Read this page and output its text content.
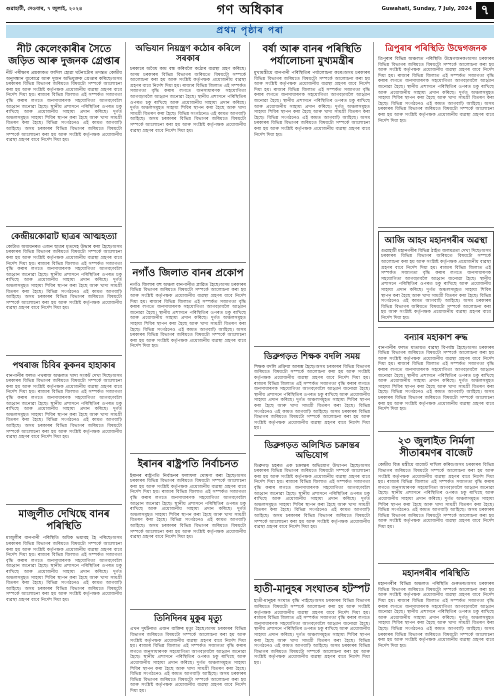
গুৱাহাটী, দেওবাৰ, ৭ জুলাই, ২০২৪	গণ অধিকাৰ	Guwahati, Sunday, 7 July, 2024 ৭
প্ৰথম পৃষ্ঠাৰ পৰা
নীট কেলেংকাৰীৰ সৈতে জড়িত আৰু দুজনক গ্ৰেপ্তাৰ
নীট পৰীক্ষাৰ প্ৰশ্নকাকত ফাদিল হোৱা ঘটনাটোৰ তদন্তত কেন্দ্ৰীয় অনুসন্ধান ব্যুৰোৱে আৰু দুজন অভিযুক্তক গ্ৰেপ্তাৰ কৰিছে। অসম চৰকাৰৰ বিভিন্ন বিভাগৰ জৰিয়তে বিষয়টো সম্পৰ্কে আলোচনা কৰা হয় আৰু সংশ্লিষ্ট কৰ্তৃপক্ষক প্ৰয়োজনীয় ব্যৱস্থা গ্ৰহণৰ বাবে নিৰ্দেশ দিয়া হয়। ৰাজ্যৰ বিভিন্ন জিলাত এই সম্পৰ্কত সজাগতা বৃদ্ধি কৰাৰ লগতে জনসাধাৰণক সহযোগিতা আগবঢ়াবলৈ আহ্বান জনোৱা হৈছে। স্থানীয় প্ৰশাসনে পৰিস্থিতিৰ ওপৰত চকু ৰাখিছে আৰু প্ৰয়োজনীয় সাহায্য প্ৰদান কৰিছে। দুৰ্গত অঞ্চলসমূহত সাহায্য শিবিৰ স্থাপন কৰা হৈছে আৰু খাদ্য সামগ্ৰী বিতৰণ কৰা হৈছে। বিভিন্ন সংগঠনেও এই কামত আগবাঢ়ি আহিছে। অসম চৰকাৰৰ বিভিন্ন বিভাগৰ জৰিয়তে বিষয়টো সম্পৰ্কে আলোচনা কৰা হয় আৰু সংশ্লিষ্ট কৰ্তৃপক্ষক প্ৰয়োজনীয় ব্যৱস্থা গ্ৰহণৰ বাবে নিৰ্দেশ দিয়া হয়।
কেন্দ্ৰীয়কোৱাট ছাত্ৰৰ আত্মহত্যা
কোটাত অধ্যয়নৰত এজন ছাত্ৰৰ মৃতদেহ উদ্ধাৰ কৰা হৈছে। অসম চৰকাৰৰ বিভিন্ন বিভাগৰ জৰিয়তে বিষয়টো সম্পৰ্কে আলোচনা কৰা হয় আৰু সংশ্লিষ্ট কৰ্তৃপক্ষক প্ৰয়োজনীয় ব্যৱস্থা গ্ৰহণৰ বাবে নিৰ্দেশ দিয়া হয়। ৰাজ্যৰ বিভিন্ন জিলাত এই সম্পৰ্কত সজাগতা বৃদ্ধি কৰাৰ লগতে জনসাধাৰণক সহযোগিতা আগবঢ়াবলৈ আহ্বান জনোৱা হৈছে। স্থানীয় প্ৰশাসনে পৰিস্থিতিৰ ওপৰত চকু ৰাখিছে আৰু প্ৰয়োজনীয় সাহায্য প্ৰদান কৰিছে। দুৰ্গত অঞ্চলসমূহত সাহায্য শিবিৰ স্থাপন কৰা হৈছে আৰু খাদ্য সামগ্ৰী বিতৰণ কৰা হৈছে। বিভিন্ন সংগঠনেও এই কামত আগবাঢ়ি আহিছে। অসম চৰকাৰৰ বিভিন্ন বিভাগৰ জৰিয়তে বিষয়টো সম্পৰ্কে আলোচনা কৰা হয় আৰু সংশ্লিষ্ট কৰ্তৃপক্ষক প্ৰয়োজনীয় ব্যৱস্থা গ্ৰহণৰ বাবে নিৰ্দেশ দিয়া হয়।
পথৰাজ চিবিৰ কুকনৰ হাহাকাৰ
বানপানীৰ ফলত পথৰাজ অঞ্চলত খাদ্য সংকট দেখা দিছে। অসম চৰকাৰৰ বিভিন্ন বিভাগৰ জৰিয়তে বিষয়টো সম্পৰ্কে আলোচনা কৰা হয় আৰু সংশ্লিষ্ট কৰ্তৃপক্ষক প্ৰয়োজনীয় ব্যৱস্থা গ্ৰহণৰ বাবে নিৰ্দেশ দিয়া হয়। ৰাজ্যৰ বিভিন্ন জিলাত এই সম্পৰ্কত সজাগতা বৃদ্ধি কৰাৰ লগতে জনসাধাৰণক সহযোগিতা আগবঢ়াবলৈ আহ্বান জনোৱা হৈছে। স্থানীয় প্ৰশাসনে পৰিস্থিতিৰ ওপৰত চকু ৰাখিছে আৰু প্ৰয়োজনীয় সাহায্য প্ৰদান কৰিছে। দুৰ্গত অঞ্চলসমূহত সাহায্য শিবিৰ স্থাপন কৰা হৈছে আৰু খাদ্য সামগ্ৰী বিতৰণ কৰা হৈছে। বিভিন্ন সংগঠনেও এই কামত আগবাঢ়ি আহিছে। অসম চৰকাৰৰ বিভিন্ন বিভাগৰ জৰিয়তে বিষয়টো সম্পৰ্কে আলোচনা কৰা হয় আৰু সংশ্লিষ্ট কৰ্তৃপক্ষক প্ৰয়োজনীয় ব্যৱস্থা গ্ৰহণৰ বাবে নিৰ্দেশ দিয়া হয়।
মাজুলীত দেখিছে বানৰ পৰিস্থিতি
মাজুলীৰ বানপানী পৰিস্থিতি অধিক ভয়াবহ হৈ পৰিছে। অসম চৰকাৰৰ বিভিন্ন বিভাগৰ জৰিয়তে বিষয়টো সম্পৰ্কে আলোচনা কৰা হয় আৰু সংশ্লিষ্ট কৰ্তৃপক্ষক প্ৰয়োজনীয় ব্যৱস্থা গ্ৰহণৰ বাবে নিৰ্দেশ দিয়া হয়। ৰাজ্যৰ বিভিন্ন জিলাত এই সম্পৰ্কত সজাগতা বৃদ্ধি কৰাৰ লগতে জনসাধাৰণক সহযোগিতা আগবঢ়াবলৈ আহ্বান জনোৱা হৈছে। স্থানীয় প্ৰশাসনে পৰিস্থিতিৰ ওপৰত চকু ৰাখিছে আৰু প্ৰয়োজনীয় সাহায্য প্ৰদান কৰিছে। দুৰ্গত অঞ্চলসমূহত সাহায্য শিবিৰ স্থাপন কৰা হৈছে আৰু খাদ্য সামগ্ৰী বিতৰণ কৰা হৈছে। বিভিন্ন সংগঠনেও এই কামত আগবাঢ়ি আহিছে। অসম চৰকাৰৰ বিভিন্ন বিভাগৰ জৰিয়তে বিষয়টো সম্পৰ্কে আলোচনা কৰা হয় আৰু সংশ্লিষ্ট কৰ্তৃপক্ষক প্ৰয়োজনীয় ব্যৱস্থা গ্ৰহণৰ বাবে নিৰ্দেশ দিয়া হয়।
অভিযান নিয়ন্ত্ৰণ কঠোৰ কৰিলে সৰকাৰ
চৰকাৰে অবৈধ কাম বন্ধ কৰিবলৈ কঠোৰ ব্যৱস্থা গ্ৰহণ কৰিছে। অসম চৰকাৰৰ বিভিন্ন বিভাগৰ জৰিয়তে বিষয়টো সম্পৰ্কে আলোচনা কৰা হয় আৰু সংশ্লিষ্ট কৰ্তৃপক্ষক প্ৰয়োজনীয় ব্যৱস্থা গ্ৰহণৰ বাবে নিৰ্দেশ দিয়া হয়। ৰাজ্যৰ বিভিন্ন জিলাত এই সম্পৰ্কত সজাগতা বৃদ্ধি কৰাৰ লগতে জনসাধাৰণক সহযোগিতা আগবঢ়াবলৈ আহ্বান জনোৱা হৈছে। স্থানীয় প্ৰশাসনে পৰিস্থিতিৰ ওপৰত চকু ৰাখিছে আৰু প্ৰয়োজনীয় সাহায্য প্ৰদান কৰিছে। দুৰ্গত অঞ্চলসমূহত সাহায্য শিবিৰ স্থাপন কৰা হৈছে আৰু খাদ্য সামগ্ৰী বিতৰণ কৰা হৈছে। বিভিন্ন সংগঠনেও এই কামত আগবাঢ়ি আহিছে। অসম চৰকাৰৰ বিভিন্ন বিভাগৰ জৰিয়তে বিষয়টো সম্পৰ্কে আলোচনা কৰা হয় আৰু সংশ্লিষ্ট কৰ্তৃপক্ষক প্ৰয়োজনীয় ব্যৱস্থা গ্ৰহণৰ বাবে নিৰ্দেশ দিয়া হয়।
নগাঁও জিলাত বানৰ প্ৰকোপ
নগাঁও জিলাৰ বহু অঞ্চল বানপানীত প্লাৱিত হৈছে। অসম চৰকাৰৰ বিভিন্ন বিভাগৰ জৰিয়তে বিষয়টো সম্পৰ্কে আলোচনা কৰা হয় আৰু সংশ্লিষ্ট কৰ্তৃপক্ষক প্ৰয়োজনীয় ব্যৱস্থা গ্ৰহণৰ বাবে নিৰ্দেশ দিয়া হয়। ৰাজ্যৰ বিভিন্ন জিলাত এই সম্পৰ্কত সজাগতা বৃদ্ধি কৰাৰ লগতে জনসাধাৰণক সহযোগিতা আগবঢ়াবলৈ আহ্বান জনোৱা হৈছে। স্থানীয় প্ৰশাসনে পৰিস্থিতিৰ ওপৰত চকু ৰাখিছে আৰু প্ৰয়োজনীয় সাহায্য প্ৰদান কৰিছে। দুৰ্গত অঞ্চলসমূহত সাহায্য শিবিৰ স্থাপন কৰা হৈছে আৰু খাদ্য সামগ্ৰী বিতৰণ কৰা হৈছে। বিভিন্ন সংগঠনেও এই কামত আগবাঢ়ি আহিছে। অসম চৰকাৰৰ বিভিন্ন বিভাগৰ জৰিয়তে বিষয়টো সম্পৰ্কে আলোচনা কৰা হয় আৰু সংশ্লিষ্ট কৰ্তৃপক্ষক প্ৰয়োজনীয় ব্যৱস্থা গ্ৰহণৰ বাবে নিৰ্দেশ দিয়া হয়।
ইৰানৰ ৰাষ্ট্ৰপতি নিৰ্বাচনত
ইৰানৰ ৰাষ্ট্ৰপতি নিৰ্বাচনৰ ফলাফল ঘোষণা কৰা হৈছে। অসম চৰকাৰৰ বিভিন্ন বিভাগৰ জৰিয়তে বিষয়টো সম্পৰ্কে আলোচনা কৰা হয় আৰু সংশ্লিষ্ট কৰ্তৃপক্ষক প্ৰয়োজনীয় ব্যৱস্থা গ্ৰহণৰ বাবে নিৰ্দেশ দিয়া হয়। ৰাজ্যৰ বিভিন্ন জিলাত এই সম্পৰ্কত সজাগতা বৃদ্ধি কৰাৰ লগতে জনসাধাৰণক সহযোগিতা আগবঢ়াবলৈ আহ্বান জনোৱা হৈছে। স্থানীয় প্ৰশাসনে পৰিস্থিতিৰ ওপৰত চকু ৰাখিছে আৰু প্ৰয়োজনীয় সাহায্য প্ৰদান কৰিছে। দুৰ্গত অঞ্চলসমূহত সাহায্য শিবিৰ স্থাপন কৰা হৈছে আৰু খাদ্য সামগ্ৰী বিতৰণ কৰা হৈছে। বিভিন্ন সংগঠনেও এই কামত আগবাঢ়ি আহিছে। অসম চৰকাৰৰ বিভিন্ন বিভাগৰ জৰিয়তে বিষয়টো সম্পৰ্কে আলোচনা কৰা হয় আৰু সংশ্লিষ্ট কৰ্তৃপক্ষক প্ৰয়োজনীয় ব্যৱস্থা গ্ৰহণৰ বাবে নিৰ্দেশ দিয়া হয়।
তিনিদিনৰ মুকুৰ মৃত্যু
এখন দুৰ্ঘটনাত এজন ব্যক্তিৰ মৃত্যু হৈছে। অসম চৰকাৰৰ বিভিন্ন বিভাগৰ জৰিয়তে বিষয়টো সম্পৰ্কে আলোচনা কৰা হয় আৰু সংশ্লিষ্ট কৰ্তৃপক্ষক প্ৰয়োজনীয় ব্যৱস্থা গ্ৰহণৰ বাবে নিৰ্দেশ দিয়া হয়। ৰাজ্যৰ বিভিন্ন জিলাত এই সম্পৰ্কত সজাগতা বৃদ্ধি কৰাৰ লগতে জনসাধাৰণক সহযোগিতা আগবঢ়াবলৈ আহ্বান জনোৱা হৈছে। স্থানীয় প্ৰশাসনে পৰিস্থিতিৰ ওপৰত চকু ৰাখিছে আৰু প্ৰয়োজনীয় সাহায্য প্ৰদান কৰিছে। দুৰ্গত অঞ্চলসমূহত সাহায্য শিবিৰ স্থাপন কৰা হৈছে আৰু খাদ্য সামগ্ৰী বিতৰণ কৰা হৈছে। বিভিন্ন সংগঠনেও এই কামত আগবাঢ়ি আহিছে। অসম চৰকাৰৰ বিভিন্ন বিভাগৰ জৰিয়তে বিষয়টো সম্পৰ্কে আলোচনা কৰা হয় আৰু সংশ্লিষ্ট কৰ্তৃপক্ষক প্ৰয়োজনীয় ব্যৱস্থা গ্ৰহণৰ বাবে নিৰ্দেশ দিয়া হয়।
বৰ্ষা আৰু বানৰ পৰিস্থিতি পৰ্যালোচনা মুখ্যমন্ত্ৰীৰ
মুখ্যমন্ত্ৰীয়ে বানপানী পৰিস্থিতিৰ পৰ্যালোচনা কৰে। অসম চৰকাৰৰ বিভিন্ন বিভাগৰ জৰিয়তে বিষয়টো সম্পৰ্কে আলোচনা কৰা হয় আৰু সংশ্লিষ্ট কৰ্তৃপক্ষক প্ৰয়োজনীয় ব্যৱস্থা গ্ৰহণৰ বাবে নিৰ্দেশ দিয়া হয়। ৰাজ্যৰ বিভিন্ন জিলাত এই সম্পৰ্কত সজাগতা বৃদ্ধি কৰাৰ লগতে জনসাধাৰণক সহযোগিতা আগবঢ়াবলৈ আহ্বান জনোৱা হৈছে। স্থানীয় প্ৰশাসনে পৰিস্থিতিৰ ওপৰত চকু ৰাখিছে আৰু প্ৰয়োজনীয় সাহায্য প্ৰদান কৰিছে। দুৰ্গত অঞ্চলসমূহত সাহায্য শিবিৰ স্থাপন কৰা হৈছে আৰু খাদ্য সামগ্ৰী বিতৰণ কৰা হৈছে। বিভিন্ন সংগঠনেও এই কামত আগবাঢ়ি আহিছে। অসম চৰকাৰৰ বিভিন্ন বিভাগৰ জৰিয়তে বিষয়টো সম্পৰ্কে আলোচনা কৰা হয় আৰু সংশ্লিষ্ট কৰ্তৃপক্ষক প্ৰয়োজনীয় ব্যৱস্থা গ্ৰহণৰ বাবে নিৰ্দেশ দিয়া হয়।
ডিব্ৰুগড়ত শিক্ষক বদলি সময়
শিক্ষক বদলি প্ৰক্ৰিয়া আৰম্ভ হৈছে। অসম চৰকাৰৰ বিভিন্ন বিভাগৰ জৰিয়তে বিষয়টো সম্পৰ্কে আলোচনা কৰা হয় আৰু সংশ্লিষ্ট কৰ্তৃপক্ষক প্ৰয়োজনীয় ব্যৱস্থা গ্ৰহণৰ বাবে নিৰ্দেশ দিয়া হয়। ৰাজ্যৰ বিভিন্ন জিলাত এই সম্পৰ্কত সজাগতা বৃদ্ধি কৰাৰ লগতে জনসাধাৰণক সহযোগিতা আগবঢ়াবলৈ আহ্বান জনোৱা হৈছে। স্থানীয় প্ৰশাসনে পৰিস্থিতিৰ ওপৰত চকু ৰাখিছে আৰু প্ৰয়োজনীয় সাহায্য প্ৰদান কৰিছে। দুৰ্গত অঞ্চলসমূহত সাহায্য শিবিৰ স্থাপন কৰা হৈছে আৰু খাদ্য সামগ্ৰী বিতৰণ কৰা হৈছে। বিভিন্ন সংগঠনেও এই কামত আগবাঢ়ি আহিছে। অসম চৰকাৰৰ বিভিন্ন বিভাগৰ জৰিয়তে বিষয়টো সম্পৰ্কে আলোচনা কৰা হয় আৰু সংশ্লিষ্ট কৰ্তৃপক্ষক প্ৰয়োজনীয় ব্যৱস্থা গ্ৰহণৰ বাবে নিৰ্দেশ দিয়া হয়।
ডিব্ৰুগড়ত অলিখিত চক্ৰান্তৰ অভিযোগ
ডিব্ৰুগড় চহৰত এক চক্ৰান্তৰ অভিযোগ উত্থাপন হৈছে। অসম চৰকাৰৰ বিভিন্ন বিভাগৰ জৰিয়তে বিষয়টো সম্পৰ্কে আলোচনা কৰা হয় আৰু সংশ্লিষ্ট কৰ্তৃপক্ষক প্ৰয়োজনীয় ব্যৱস্থা গ্ৰহণৰ বাবে নিৰ্দেশ দিয়া হয়। ৰাজ্যৰ বিভিন্ন জিলাত এই সম্পৰ্কত সজাগতা বৃদ্ধি কৰাৰ লগতে জনসাধাৰণক সহযোগিতা আগবঢ়াবলৈ আহ্বান জনোৱা হৈছে। স্থানীয় প্ৰশাসনে পৰিস্থিতিৰ ওপৰত চকু ৰাখিছে আৰু প্ৰয়োজনীয় সাহায্য প্ৰদান কৰিছে। দুৰ্গত অঞ্চলসমূহত সাহায্য শিবিৰ স্থাপন কৰা হৈছে আৰু খাদ্য সামগ্ৰী বিতৰণ কৰা হৈছে। বিভিন্ন সংগঠনেও এই কামত আগবাঢ়ি আহিছে। অসম চৰকাৰৰ বিভিন্ন বিভাগৰ জৰিয়তে বিষয়টো সম্পৰ্কে আলোচনা কৰা হয় আৰু সংশ্লিষ্ট কৰ্তৃপক্ষক প্ৰয়োজনীয় ব্যৱস্থা গ্ৰহণৰ বাবে নিৰ্দেশ দিয়া হয়।
হাতী-মানুহৰ সংঘাতৰ হটস্পট
হাতী-মানুহৰ সংঘাত বৃদ্ধি পাইছে। অসম চৰকাৰৰ বিভিন্ন বিভাগৰ জৰিয়তে বিষয়টো সম্পৰ্কে আলোচনা কৰা হয় আৰু সংশ্লিষ্ট কৰ্তৃপক্ষক প্ৰয়োজনীয় ব্যৱস্থা গ্ৰহণৰ বাবে নিৰ্দেশ দিয়া হয়। ৰাজ্যৰ বিভিন্ন জিলাত এই সম্পৰ্কত সজাগতা বৃদ্ধি কৰাৰ লগতে জনসাধাৰণক সহযোগিতা আগবঢ়াবলৈ আহ্বান জনোৱা হৈছে। স্থানীয় প্ৰশাসনে পৰিস্থিতিৰ ওপৰত চকু ৰাখিছে আৰু প্ৰয়োজনীয় সাহায্য প্ৰদান কৰিছে। দুৰ্গত অঞ্চলসমূহত সাহায্য শিবিৰ স্থাপন কৰা হৈছে আৰু খাদ্য সামগ্ৰী বিতৰণ কৰা হৈছে। বিভিন্ন সংগঠনেও এই কামত আগবাঢ়ি আহিছে। অসম চৰকাৰৰ বিভিন্ন বিভাগৰ জৰিয়তে বিষয়টো সম্পৰ্কে আলোচনা কৰা হয় আৰু সংশ্লিষ্ট কৰ্তৃপক্ষক প্ৰয়োজনীয় ব্যৱস্থা গ্ৰহণৰ বাবে নিৰ্দেশ দিয়া হয়।
ত্ৰিপুৰাৰ পৰিস্থিতি উদ্বেগজনক
ত্ৰিপুৰাৰ বিভিন্ন অঞ্চলত পৰিস্থিতি উদ্বেগজনক। অসম চৰকাৰৰ বিভিন্ন বিভাগৰ জৰিয়তে বিষয়টো সম্পৰ্কে আলোচনা কৰা হয় আৰু সংশ্লিষ্ট কৰ্তৃপক্ষক প্ৰয়োজনীয় ব্যৱস্থা গ্ৰহণৰ বাবে নিৰ্দেশ দিয়া হয়। ৰাজ্যৰ বিভিন্ন জিলাত এই সম্পৰ্কত সজাগতা বৃদ্ধি কৰাৰ লগতে জনসাধাৰণক সহযোগিতা আগবঢ়াবলৈ আহ্বান জনোৱা হৈছে। স্থানীয় প্ৰশাসনে পৰিস্থিতিৰ ওপৰত চকু ৰাখিছে আৰু প্ৰয়োজনীয় সাহায্য প্ৰদান কৰিছে। দুৰ্গত অঞ্চলসমূহত সাহায্য শিবিৰ স্থাপন কৰা হৈছে আৰু খাদ্য সামগ্ৰী বিতৰণ কৰা হৈছে। বিভিন্ন সংগঠনেও এই কামত আগবাঢ়ি আহিছে। অসম চৰকাৰৰ বিভিন্ন বিভাগৰ জৰিয়তে বিষয়টো সম্পৰ্কে আলোচনা কৰা হয় আৰু সংশ্লিষ্ট কৰ্তৃপক্ষক প্ৰয়োজনীয় ব্যৱস্থা গ্ৰহণৰ বাবে নিৰ্দেশ দিয়া হয়।
আজি আহব মহানগৰীৰ অৱস্থা
গুৱাহাটী মহানগৰীৰ বিভিন্ন ঠাইত জলমগ্নতা দেখা দিছে। অসম চৰকাৰৰ বিভিন্ন বিভাগৰ জৰিয়তে বিষয়টো সম্পৰ্কে আলোচনা কৰা হয় আৰু সংশ্লিষ্ট কৰ্তৃপক্ষক প্ৰয়োজনীয় ব্যৱস্থা গ্ৰহণৰ বাবে নিৰ্দেশ দিয়া হয়। ৰাজ্যৰ বিভিন্ন জিলাত এই সম্পৰ্কত সজাগতা বৃদ্ধি কৰাৰ লগতে জনসাধাৰণক সহযোগিতা আগবঢ়াবলৈ আহ্বান জনোৱা হৈছে। স্থানীয় প্ৰশাসনে পৰিস্থিতিৰ ওপৰত চকু ৰাখিছে আৰু প্ৰয়োজনীয় সাহায্য প্ৰদান কৰিছে। দুৰ্গত অঞ্চলসমূহত সাহায্য শিবিৰ স্থাপন কৰা হৈছে আৰু খাদ্য সামগ্ৰী বিতৰণ কৰা হৈছে। বিভিন্ন সংগঠনেও এই কামত আগবাঢ়ি আহিছে। অসম চৰকাৰৰ বিভিন্ন বিভাগৰ জৰিয়তে বিষয়টো সম্পৰ্কে আলোচনা কৰা হয় আৰু সংশ্লিষ্ট কৰ্তৃপক্ষক প্ৰয়োজনীয় ব্যৱস্থা গ্ৰহণৰ বাবে নিৰ্দেশ দিয়া হয়।
বন্যাৰ মহাকাশ ৰুদ্ধ
বানপানীৰ ফলত যাতায়ত ব্যৱস্থা বিপৰ্যস্ত হৈছে। অসম চৰকাৰৰ বিভিন্ন বিভাগৰ জৰিয়তে বিষয়টো সম্পৰ্কে আলোচনা কৰা হয় আৰু সংশ্লিষ্ট কৰ্তৃপক্ষক প্ৰয়োজনীয় ব্যৱস্থা গ্ৰহণৰ বাবে নিৰ্দেশ দিয়া হয়। ৰাজ্যৰ বিভিন্ন জিলাত এই সম্পৰ্কত সজাগতা বৃদ্ধি কৰাৰ লগতে জনসাধাৰণক সহযোগিতা আগবঢ়াবলৈ আহ্বান জনোৱা হৈছে। স্থানীয় প্ৰশাসনে পৰিস্থিতিৰ ওপৰত চকু ৰাখিছে আৰু প্ৰয়োজনীয় সাহায্য প্ৰদান কৰিছে। দুৰ্গত অঞ্চলসমূহত সাহায্য শিবিৰ স্থাপন কৰা হৈছে আৰু খাদ্য সামগ্ৰী বিতৰণ কৰা হৈছে। বিভিন্ন সংগঠনেও এই কামত আগবাঢ়ি আহিছে। অসম চৰকাৰৰ বিভিন্ন বিভাগৰ জৰিয়তে বিষয়টো সম্পৰ্কে আলোচনা কৰা হয় আৰু সংশ্লিষ্ট কৰ্তৃপক্ষক প্ৰয়োজনীয় ব্যৱস্থা গ্ৰহণৰ বাবে নিৰ্দেশ দিয়া হয়।
২৩ জুলাইত নিৰ্মলা সীতাৰমণৰ বাজেট
কেন্দ্ৰীয় বিত্ত মন্ত্ৰীয়ে বাজেট দাখিল কৰিব। অসম চৰকাৰৰ বিভিন্ন বিভাগৰ জৰিয়তে বিষয়টো সম্পৰ্কে আলোচনা কৰা হয় আৰু সংশ্লিষ্ট কৰ্তৃপক্ষক প্ৰয়োজনীয় ব্যৱস্থা গ্ৰহণৰ বাবে নিৰ্দেশ দিয়া হয়। ৰাজ্যৰ বিভিন্ন জিলাত এই সম্পৰ্কত সজাগতা বৃদ্ধি কৰাৰ লগতে জনসাধাৰণক সহযোগিতা আগবঢ়াবলৈ আহ্বান জনোৱা হৈছে। স্থানীয় প্ৰশাসনে পৰিস্থিতিৰ ওপৰত চকু ৰাখিছে আৰু প্ৰয়োজনীয় সাহায্য প্ৰদান কৰিছে। দুৰ্গত অঞ্চলসমূহত সাহায্য শিবিৰ স্থাপন কৰা হৈছে আৰু খাদ্য সামগ্ৰী বিতৰণ কৰা হৈছে। বিভিন্ন সংগঠনেও এই কামত আগবাঢ়ি আহিছে। অসম চৰকাৰৰ বিভিন্ন বিভাগৰ জৰিয়তে বিষয়টো সম্পৰ্কে আলোচনা কৰা হয় আৰু সংশ্লিষ্ট কৰ্তৃপক্ষক প্ৰয়োজনীয় ব্যৱস্থা গ্ৰহণৰ বাবে নিৰ্দেশ দিয়া হয়।
মহানগৰীৰ পৰিস্থিতি
মহানগৰীৰ বিভিন্ন অঞ্চলত পৰিস্থিতি গুৰুতৰ। অসম চৰকাৰৰ বিভিন্ন বিভাগৰ জৰিয়তে বিষয়টো সম্পৰ্কে আলোচনা কৰা হয় আৰু সংশ্লিষ্ট কৰ্তৃপক্ষক প্ৰয়োজনীয় ব্যৱস্থা গ্ৰহণৰ বাবে নিৰ্দেশ দিয়া হয়। ৰাজ্যৰ বিভিন্ন জিলাত এই সম্পৰ্কত সজাগতা বৃদ্ধি কৰাৰ লগতে জনসাধাৰণক সহযোগিতা আগবঢ়াবলৈ আহ্বান জনোৱা হৈছে। স্থানীয় প্ৰশাসনে পৰিস্থিতিৰ ওপৰত চকু ৰাখিছে আৰু প্ৰয়োজনীয় সাহায্য প্ৰদান কৰিছে। দুৰ্গত অঞ্চলসমূহত সাহায্য শিবিৰ স্থাপন কৰা হৈছে আৰু খাদ্য সামগ্ৰী বিতৰণ কৰা হৈছে। বিভিন্ন সংগঠনেও এই কামত আগবাঢ়ি আহিছে। অসম চৰকাৰৰ বিভিন্ন বিভাগৰ জৰিয়তে বিষয়টো সম্পৰ্কে আলোচনা কৰা হয় আৰু সংশ্লিষ্ট কৰ্তৃপক্ষক প্ৰয়োজনীয় ব্যৱস্থা গ্ৰহণৰ বাবে নিৰ্দেশ দিয়া হয়।
